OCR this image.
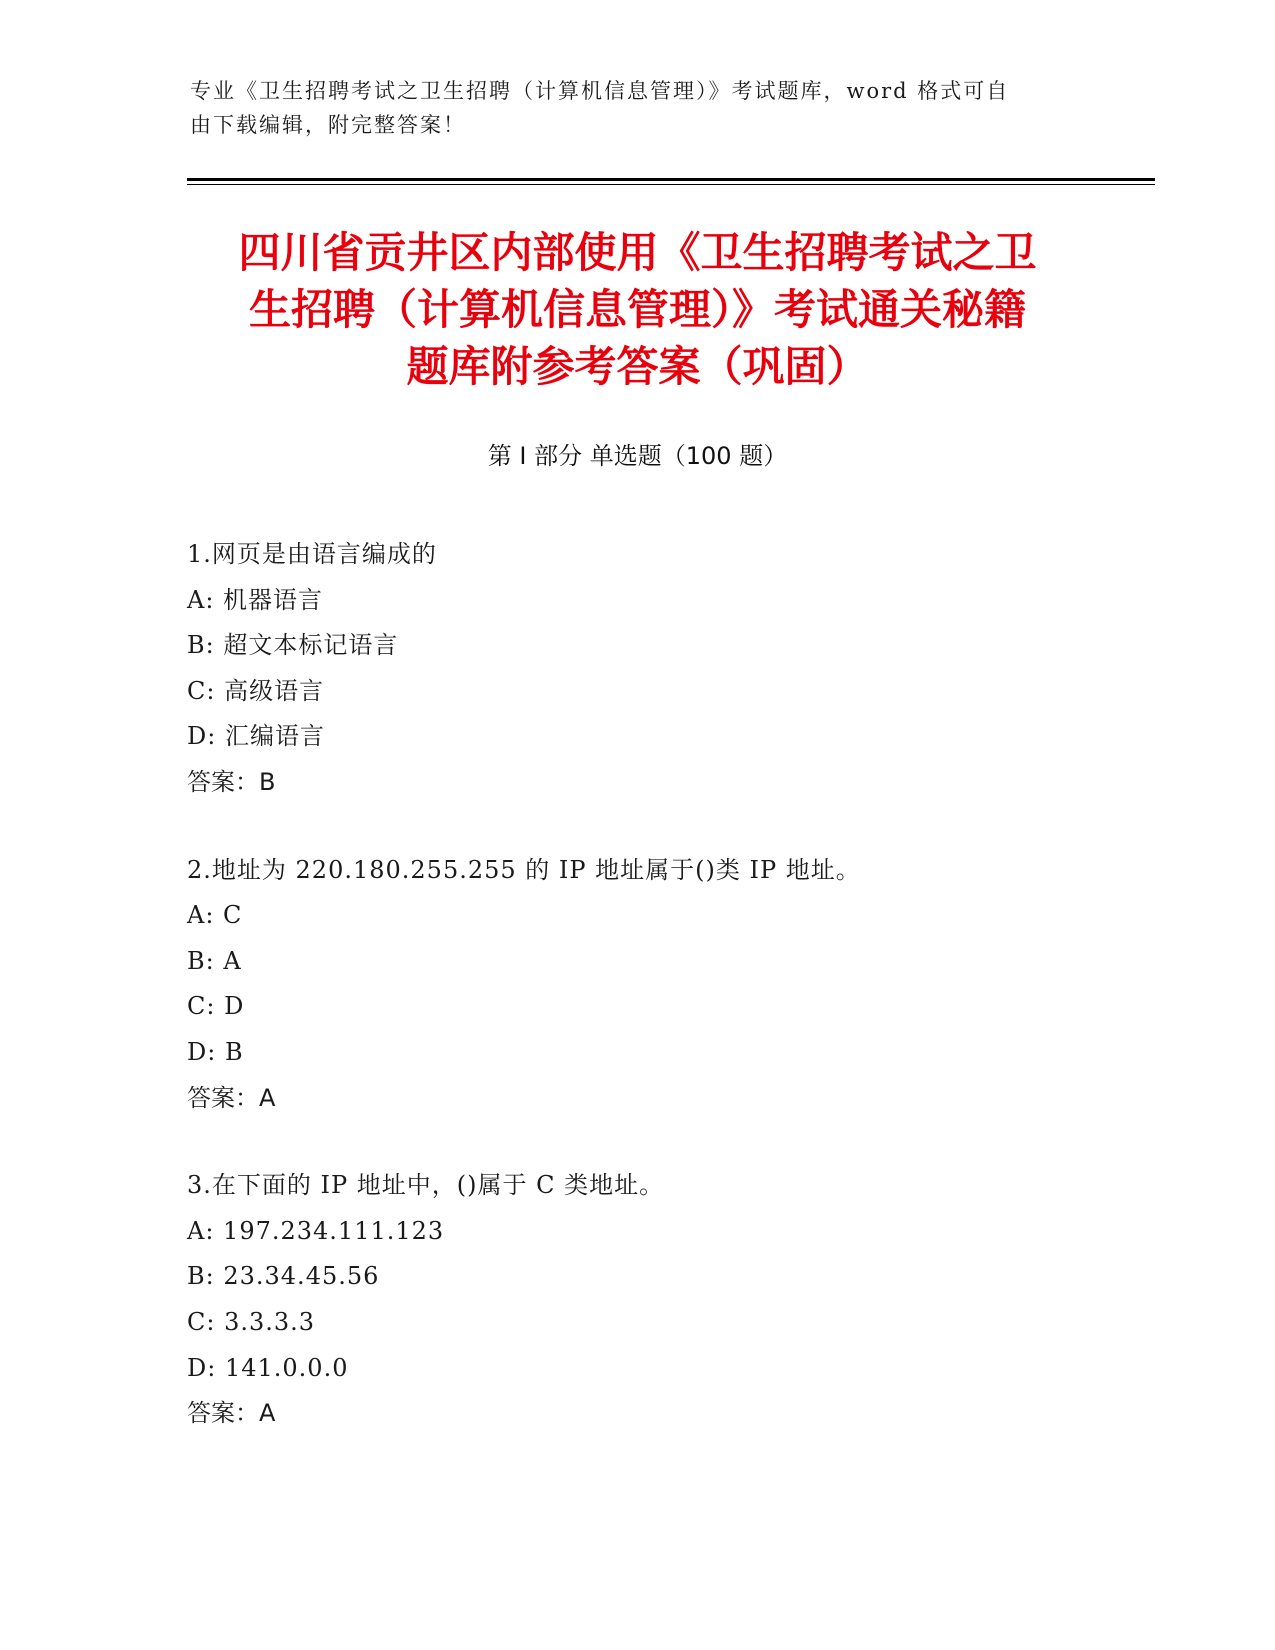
专业《卫生招聘考试之卫生招聘（计算机信息管理）》考试题库，word 格式可自
由下载编辑，附完整答案！
四川省贡井区内部使用《卫生招聘考试之卫
生招聘（计算机信息管理）》考试通关秘籍
题库附参考答案（巩固）
第 I 部分 单选题（100 题）
1.网页是由语言编成的
A: 机器语言
B: 超文本标记语言
C: 高级语言
D: 汇编语言
答案：B
2.地址为 220.180.255.255 的 IP 地址属于()类 IP 地址。
A: C
B: A
C: D
D: B
答案：A
3.在下面的 IP 地址中，()属于 C 类地址。
A: 197.234.111.123
B: 23.34.45.56
C: 3.3.3.3
D: 141.0.0.0
答案：A
